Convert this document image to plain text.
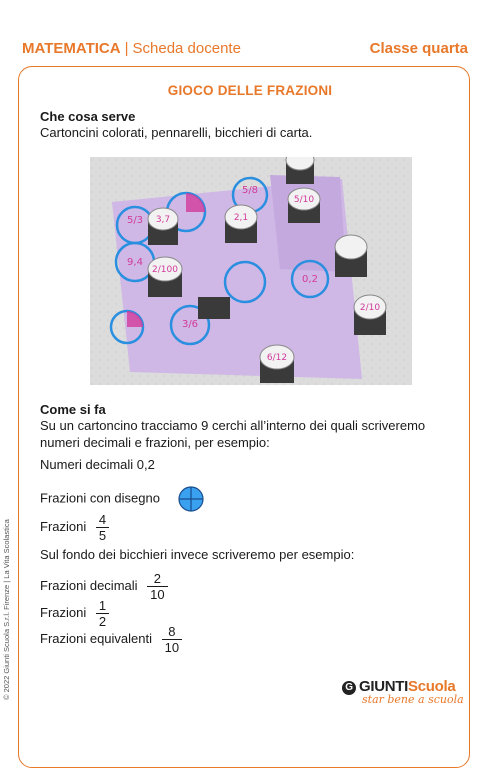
MATEMATICA | Scheda docente	Classe quarta
GIOCO DELLE FRAZIONI
Che cosa serve
Cartoncini colorati, pennarelli, bicchieri di carta.
5/3
5/8
9,4
0,2
3/6
3,7
5/10
2,1
2/100
2/10
6/12
Come si fa
Su un cartoncino tracciamo 9 cerchi all’interno dei quali scriveremo numeri decimali e frazioni, per esempio:
Numeri decimali 0,2
Frazioni con disegno
Frazioni $\frac{4}{5}$
Sul fondo dei bicchieri invece scriveremo per esempio:
Frazioni decimali $\frac{2}{10}$
Frazioni $\frac{1}{2}$
Frazioni equivalenti $\frac{8}{10}$
© 2022 Giunti Scuola S.r.l. Firenze | La Vita Scolastica	G GIUNTIScuola
star bene a scuola
